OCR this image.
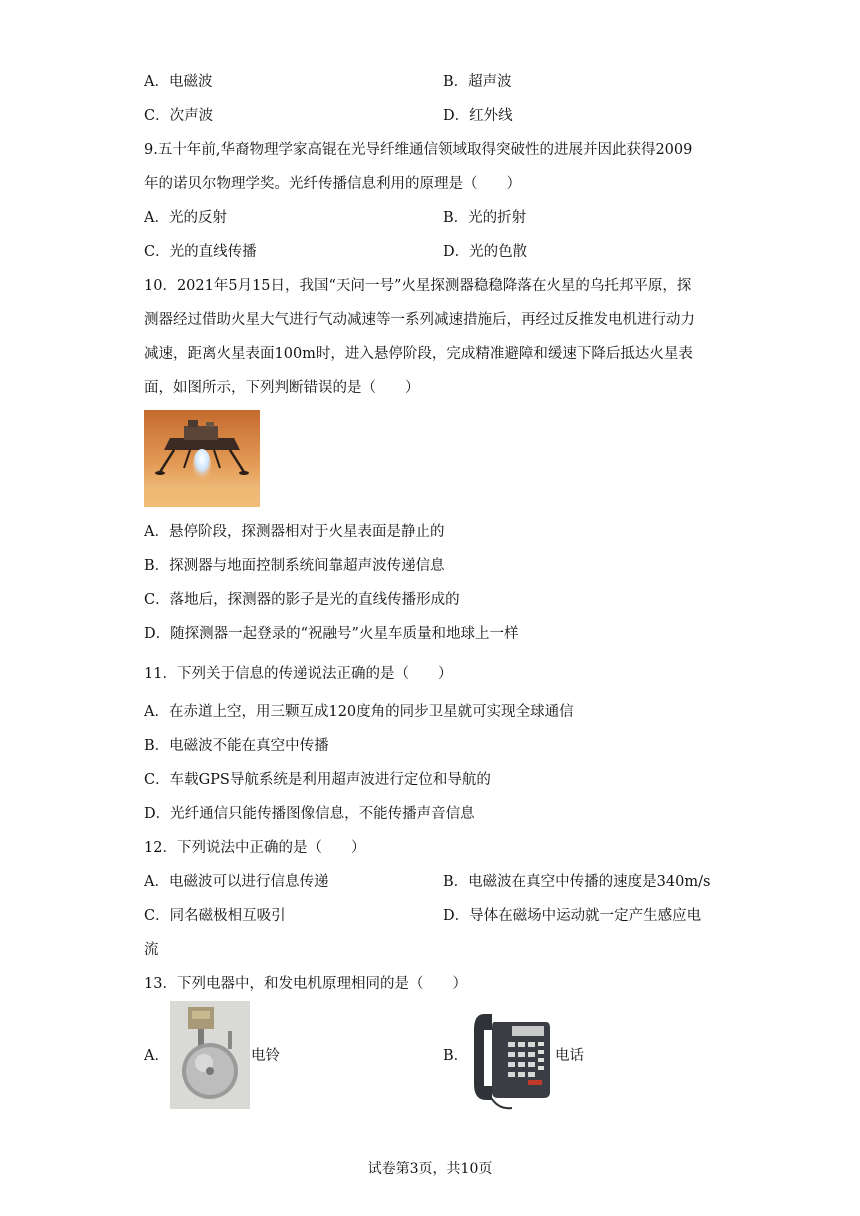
A．电磁波	B．超声波
C．次声波	D．红外线
9.五十年前,华裔物理学家高锟在光导纤维通信领域取得突破性的进展并因此获得2009
年的诺贝尔物理学奖。光纤传播信息利用的原理是（　　）
A．光的反射	B．光的折射
C．光的直线传播	D．光的色散
10．2021年5月15日，我国“天问一号”火星探测器稳稳降落在火星的乌托邦平原，探
测器经过借助火星大气进行气动减速等一系列减速措施后，再经过反推发电机进行动力
减速，距离火星表面100m时，进入悬停阶段，完成精准避障和缓速下降后抵达火星表
面，如图所示，下列判断错误的是（　　）
A．悬停阶段，探测器相对于火星表面是静止的
B．探测器与地面控制系统间靠超声波传递信息
C．落地后，探测器的影子是光的直线传播形成的
D．随探测器一起登录的“祝融号”火星车质量和地球上一样
11．下列关于信息的传递说法正确的是（　　）
A．在赤道上空，用三颗互成120度角的同步卫星就可实现全球通信
B．电磁波不能在真空中传播
C．车载GPS导航系统是利用超声波进行定位和导航的
D．光纤通信只能传播图像信息，不能传播声音信息
12．下列说法中正确的是（　　）
A．电磁波可以进行信息传递	B．电磁波在真空中传播的速度是340m/s
C．同名磁极相互吸引	D．导体在磁场中运动就一定产生感应电
流
13．下列电器中，和发电机原理相同的是（　　）
A．	电铃	B．	电话
试卷第3页，共10页
